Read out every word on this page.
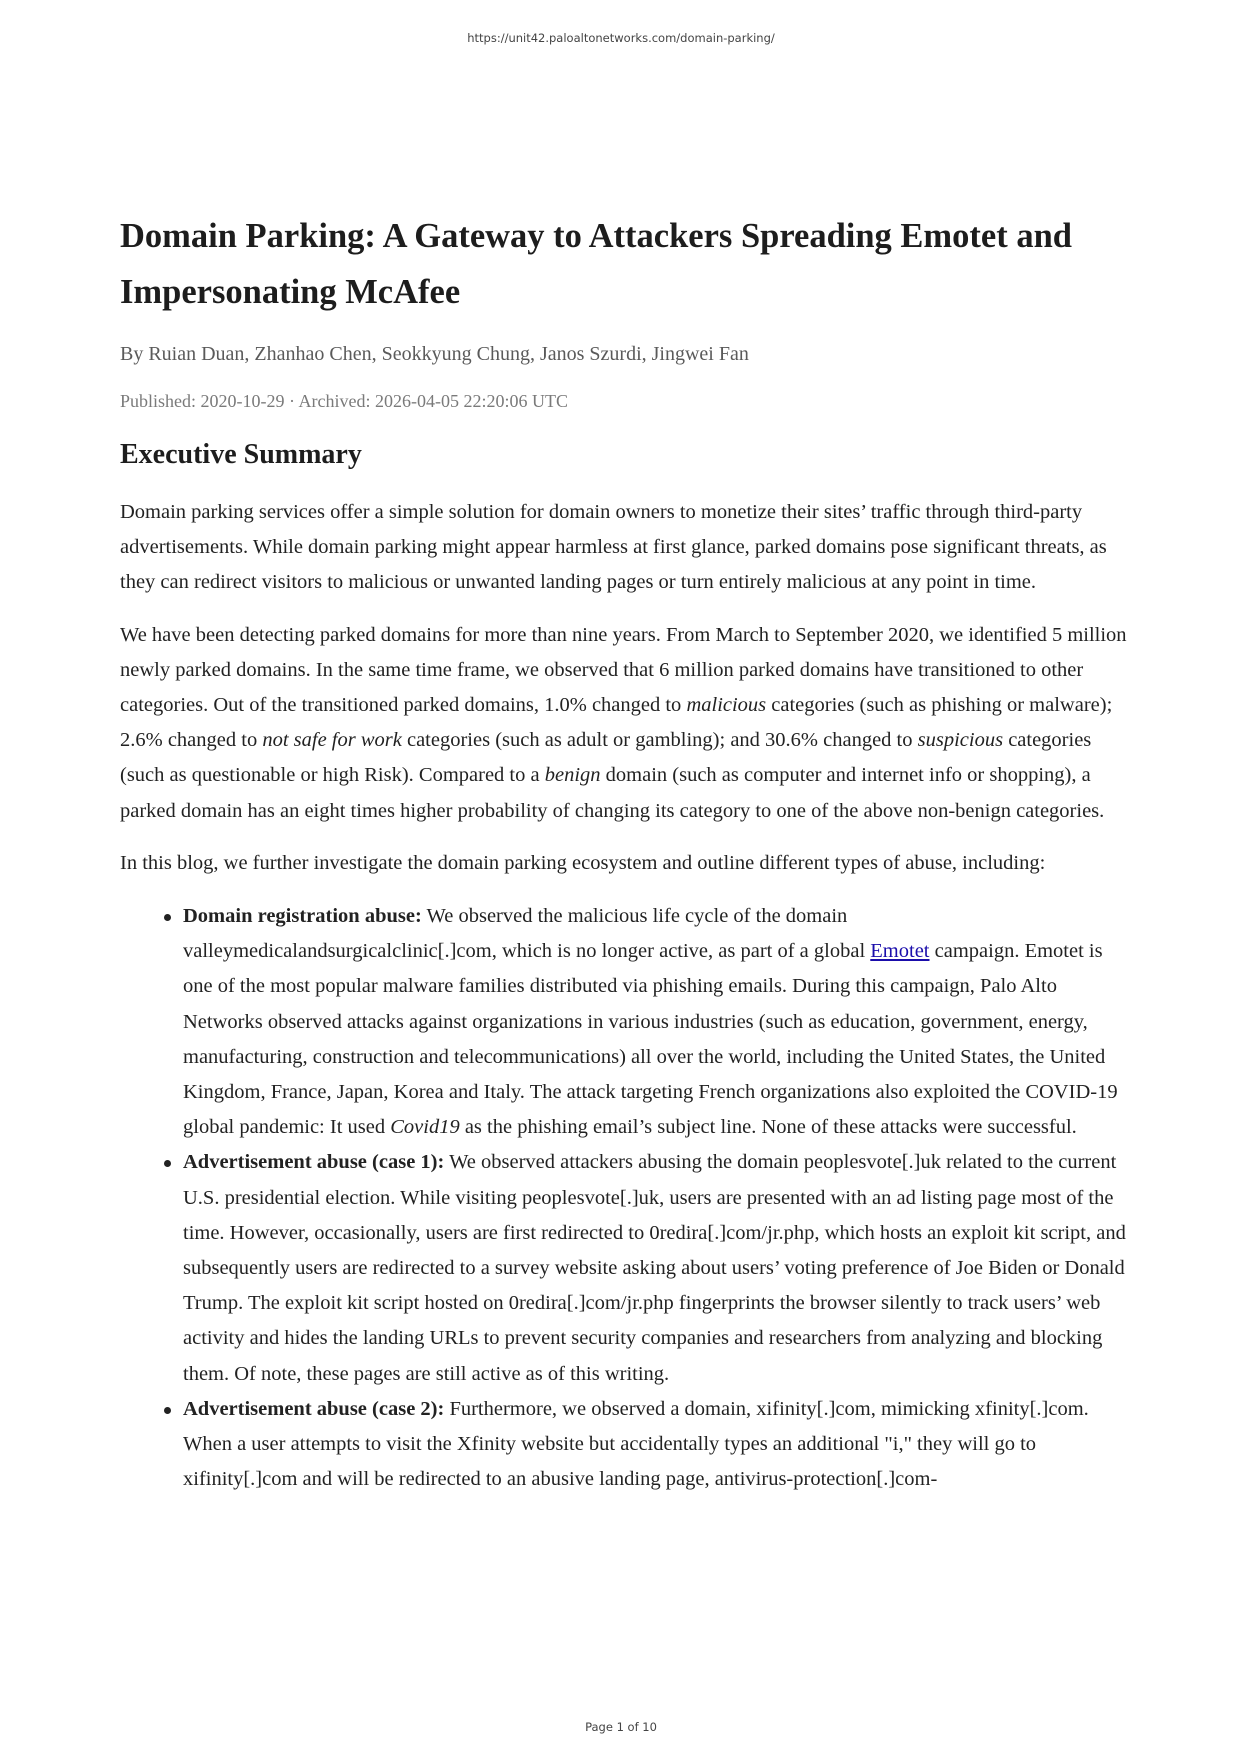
https://unit42.paloaltonetworks.com/domain-parking/
Domain Parking: A Gateway to Attackers Spreading Emotet and Impersonating McAfee
By Ruian Duan, Zhanhao Chen, Seokkyung Chung, Janos Szurdi, Jingwei Fan
Published: 2020-10-29 · Archived: 2026-04-05 22:20:06 UTC
Executive Summary

Domain parking services offer a simple solution for domain owners to monetize their sites’ traffic through third-party advertisements. While domain parking might appear harmless at first glance, parked domains pose significant threats, as they can redirect visitors to malicious or unwanted landing pages or turn entirely malicious at any point in time.

We have been detecting parked domains for more than nine years. From March to September 2020, we identified 5 million newly parked domains. In the same time frame, we observed that 6 million parked domains have transitioned to other categories. Out of the transitioned parked domains, 1.0% changed to malicious categories (such as phishing or malware); 2.6% changed to not safe for work categories (such as adult or gambling); and 30.6% changed to suspicious categories (such as questionable or high Risk). Compared to a benign domain (such as computer and internet info or shopping), a parked domain has an eight times higher probability of changing its category to one of the above non-benign categories.

In this blog, we further investigate the domain parking ecosystem and outline different types of abuse, including:

Domain registration abuse: We observed the malicious life cycle of the domain valleymedicalandsurgicalclinic[.]com, which is no longer active, as part of a global Emotet campaign. Emotet is one of the most popular malware families distributed via phishing emails. During this campaign, Palo Alto Networks observed attacks against organizations in various industries (such as education, government, energy, manufacturing, construction and telecommunications) all over the world, including the United States, the United Kingdom, France, Japan, Korea and Italy. The attack targeting French organizations also exploited the COVID-19 global pandemic: It used Covid19 as the phishing email’s subject line. None of these attacks were successful.
Advertisement abuse (case 1): We observed attackers abusing the domain peoplesvote[.]uk related to the current U.S. presidential election. While visiting peoplesvote[.]uk, users are presented with an ad listing page most of the time. However, occasionally, users are first redirected to 0redira[.]com/jr.php, which hosts an exploit kit script, and subsequently users are redirected to a survey website asking about users’ voting preference of Joe Biden or Donald Trump. The exploit kit script hosted on 0redira[.]com/jr.php fingerprints the browser silently to track users’ web activity and hides the landing URLs to prevent security companies and researchers from analyzing and blocking them. Of note, these pages are still active as of this writing.
Advertisement abuse (case 2): Furthermore, we observed a domain, xifinity[.]com, mimicking xfinity[.]com. When a user attempts to visit the Xfinity website but accidentally types an additional "i," they will go to xifinity[.]com and will be redirected to an abusive landing page, antivirus-protection[.]com-
Page 1 of 10
